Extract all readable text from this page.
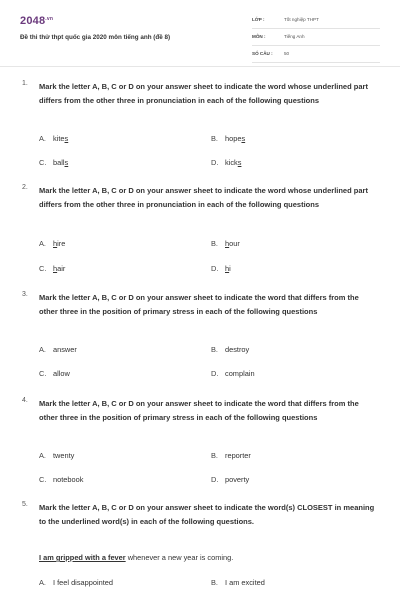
$2048^{.vn}$
Đề thi thử thpt quốc gia 2020 môn tiếng anh (đề 8)
LỚP :	Tốt nghiệp THPT
MÔN :	Tiếng Anh
SỐ CÂU : 50
1. Mark the letter A, B, C or D on your answer sheet to indicate the word whose underlined part differs from the other three in pronunciation in each of the following questions
A. kites	B. hopes
C. balls	D. kicks
2. Mark the letter A, B, C or D on your answer sheet to indicate the word whose underlined part differs from the other three in pronunciation in each of the following questions
A. hire	B. hour
C. hair	D. hi
3. Mark the letter A, B, C or D on your answer sheet to indicate the word that differs from the other three in the position of primary stress in each of the following questions
A. answer	B. destroy
C. allow	D. complain
4. Mark the letter A, B, C or D on your answer sheet to indicate the word that differs from the other three in the position of primary stress in each of the following questions
A. twenty	B. reporter
C. notebook	D. poverty
5. Mark the letter A, B, C or D on your answer sheet to indicate the word(s) CLOSEST in meaning to the underlined word(s) in each of the following questions.
I am gripped with a fever whenever a new year is coming.
A. I feel disappointed	B. I am excited
